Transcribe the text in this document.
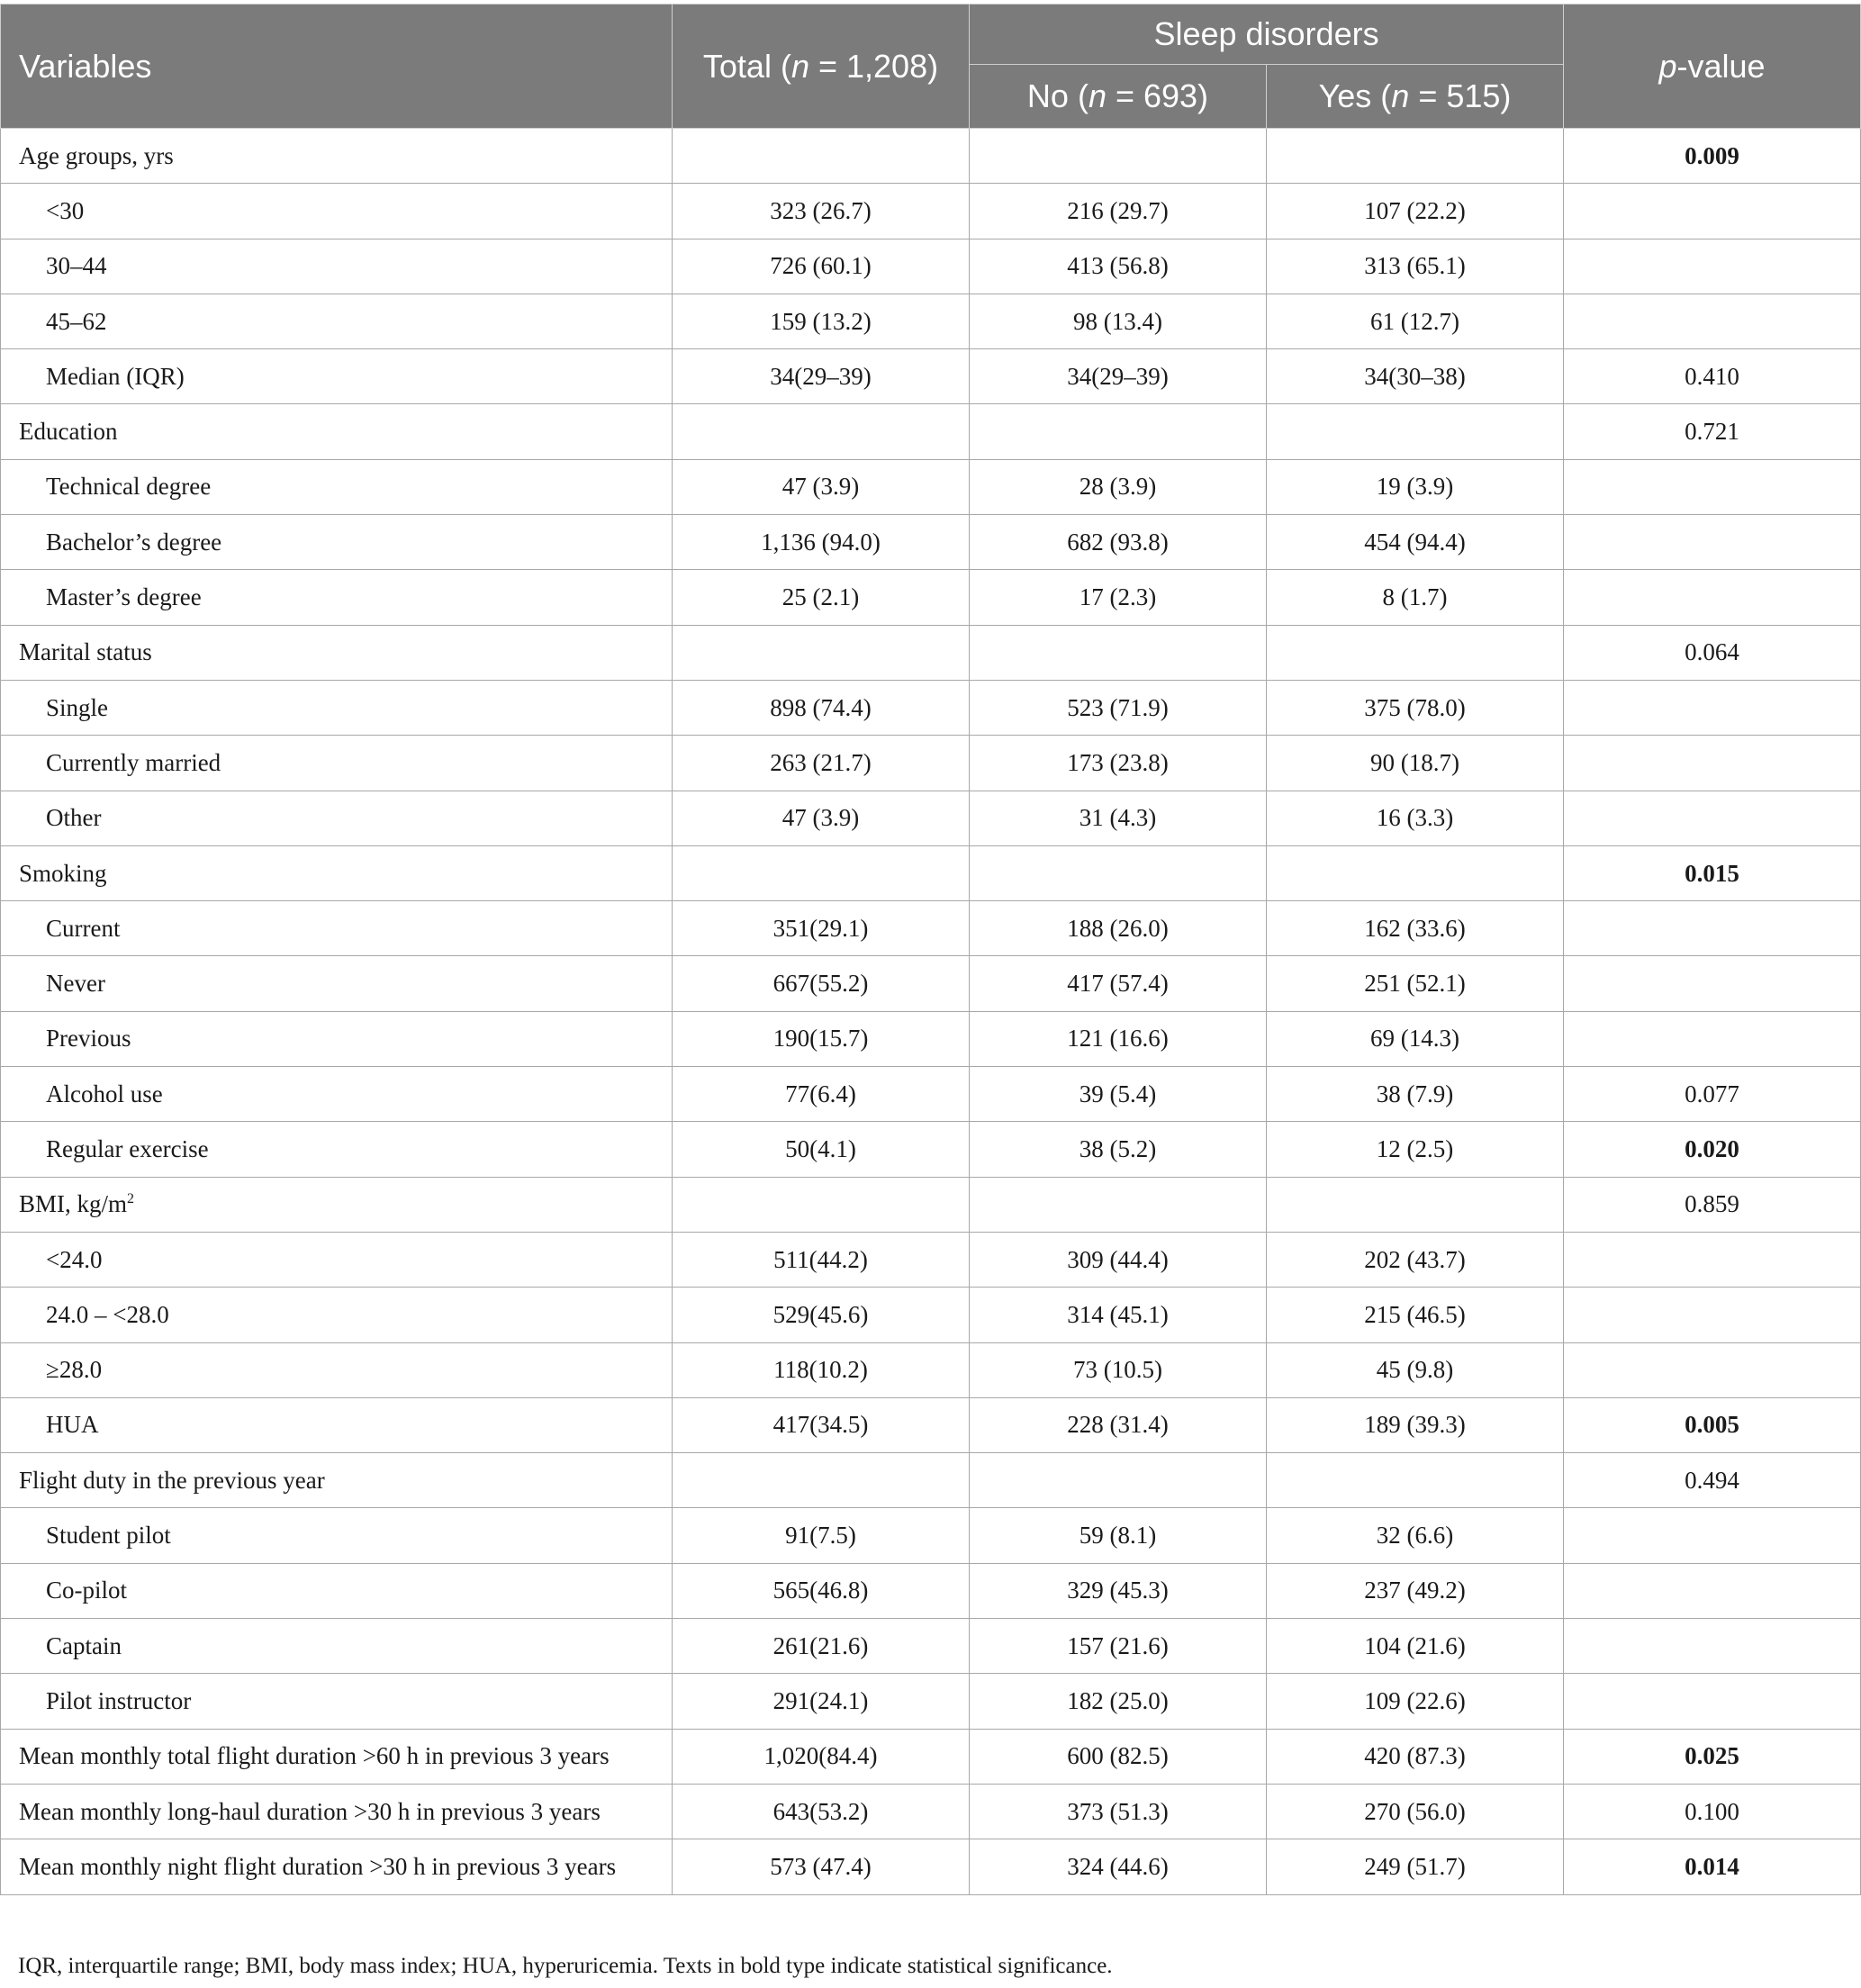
Variables	Total (n = 1,208)	Sleep disorders		p-value
		No (n = 693)	Yes (n = 515)	
Age groups, yrs				0.009
<30	323 (26.7)	216 (29.7)	107 (22.2)	
30–44	726 (60.1)	413 (56.8)	313 (65.1)	
45–62	159 (13.2)	98 (13.4)	61 (12.7)	
Median (IQR)	34(29–39)	34(29–39)	34(30–38)	0.410
Education				0.721
Technical degree	47 (3.9)	28 (3.9)	19 (3.9)	
Bachelor’s degree	1,136 (94.0)	682 (93.8)	454 (94.4)	
Master’s degree	25 (2.1)	17 (2.3)	8 (1.7)	
Marital status				0.064
Single	898 (74.4)	523 (71.9)	375 (78.0)	
Currently married	263 (21.7)	173 (23.8)	90 (18.7)	
Other	47 (3.9)	31 (4.3)	16 (3.3)	
Smoking				0.015
Current	351(29.1)	188 (26.0)	162 (33.6)	
Never	667(55.2)	417 (57.4)	251 (52.1)	
Previous	190(15.7)	121 (16.6)	69 (14.3)	
Alcohol use	77(6.4)	39 (5.4)	38 (7.9)	0.077
Regular exercise	50(4.1)	38 (5.2)	12 (2.5)	0.020
BMI, $kg/m^2$				0.859
<24.0	511(44.2)	309 (44.4)	202 (43.7)	
24.0 – <28.0	529(45.6)	314 (45.1)	215 (46.5)	
≥28.0	118(10.2)	73 (10.5)	45 (9.8)	
HUA	417(34.5)	228 (31.4)	189 (39.3)	0.005
Flight duty in the previous year				0.494
Student pilot	91(7.5)	59 (8.1)	32 (6.6)	
Co-pilot	565(46.8)	329 (45.3)	237 (49.2)	
Captain	261(21.6)	157 (21.6)	104 (21.6)	
Pilot instructor	291(24.1)	182 (25.0)	109 (22.6)	
Mean monthly total flight duration >60 h in previous 3 years	1,020(84.4)	600 (82.5)	420 (87.3)	0.025
Mean monthly long-haul duration >30 h in previous 3 years	643(53.2)	373 (51.3)	270 (56.0)	0.100
Mean monthly night flight duration >30 h in previous 3 years	573 (47.4)	324 (44.6)	249 (51.7)	0.014
IQR, interquartile range; BMI, body mass index; HUA, hyperuricemia. Texts in bold type indicate statistical significance.
